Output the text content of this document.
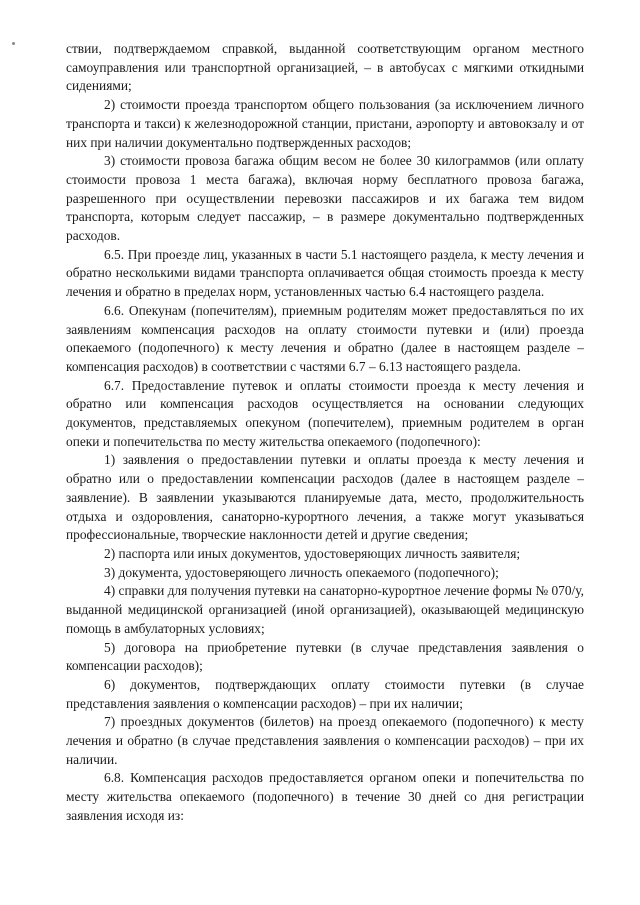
ствии, подтверждаемом справкой, выданной соответствующим органом местного самоуправления или транспортной организацией, – в автобусах с мягкими откидными сидениями;

2) стоимости проезда транспортом общего пользования (за исключением личного транспорта и такси) к железнодорожной станции, пристани, аэропорту и автовокзалу и от них при наличии документально подтвержденных расходов;

3) стоимости провоза багажа общим весом не более 30 килограммов (или оплату стоимости провоза 1 места багажа), включая норму бесплатного провоза багажа, разрешенного при осуществлении перевозки пассажиров и их багажа тем видом транспорта, которым следует пассажир, – в размере документально подтвержденных расходов.

6.5. При проезде лиц, указанных в части 5.1 настоящего раздела, к месту лечения и обратно несколькими видами транспорта оплачивается общая стоимость проезда к месту лечения и обратно в пределах норм, установленных частью 6.4 настоящего раздела.

6.6. Опекунам (попечителям), приемным родителям может предоставляться по их заявлениям компенсация расходов на оплату стоимости путевки и (или) проезда опекаемого (подопечного) к месту лечения и обратно (далее в настоящем разделе – компенсация расходов) в соответствии с частями 6.7 – 6.13 настоящего раздела.

6.7. Предоставление путевок и оплаты стоимости проезда к месту лечения и обратно или компенсация расходов осуществляется на основании следующих документов, представляемых опекуном (попечителем), приемным родителем в орган опеки и попечительства по месту жительства опекаемого (подопечного):

1) заявления о предоставлении путевки и оплаты проезда к месту лечения и обратно или о предоставлении компенсации расходов (далее в настоящем разделе – заявление). В заявлении указываются планируемые дата, место, продолжительность отдыха и оздоровления, санаторно-курортного лечения, а также могут указываться профессиональные, творческие наклонности детей и другие сведения;

2) паспорта или иных документов, удостоверяющих личность заявителя;

3) документа, удостоверяющего личность опекаемого (подопечного);

4) справки для получения путевки на санаторно-курортное лечение формы № 070/у, выданной медицинской организацией (иной организацией), оказывающей медицинскую помощь в амбулаторных условиях;

5) договора на приобретение путевки (в случае представления заявления о компенсации расходов);

6) документов, подтверждающих оплату стоимости путевки (в случае представления заявления о компенсации расходов) – при их наличии;

7) проездных документов (билетов) на проезд опекаемого (подопечного) к месту лечения и обратно (в случае представления заявления о компенсации расходов) – при их наличии.

6.8. Компенсация расходов предоставляется органом опеки и попечительства по месту жительства опекаемого (подопечного) в течение 30 дней со дня регистрации заявления исходя из:
